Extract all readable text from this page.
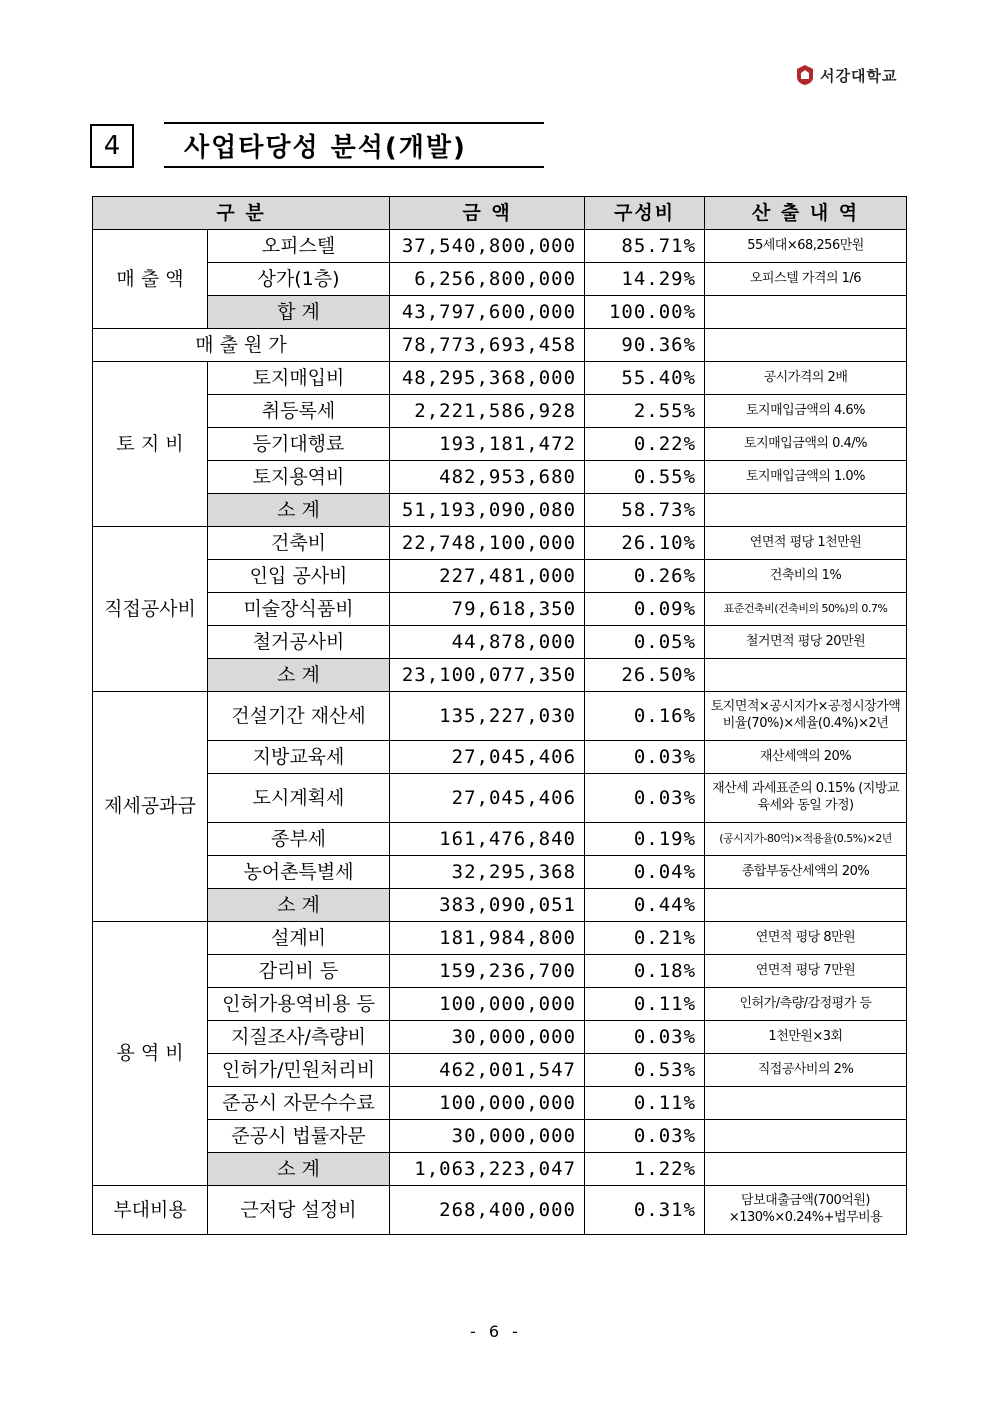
서강대학교
4	사업타당성 분석(개발)
구 분		금 액	구성비	산 출 내 역
매 출 액	오피스텔	37,540,800,000	85.71%	55세대×68,256만원
	상가(1층)	6,256,800,000	14.29%	오피스텔 가격의 1/6
	합 계	43,797,600,000	100.00%	
매 출 원 가		78,773,693,458	90.36%	
토 지 비	토지매입비	48,295,368,000	55.40%	공시가격의 2배
	취등록세	2,221,586,928	2.55%	토지매입금액의 4.6%
	등기대행료	193,181,472	0.22%	토지매입금액의 0.4/%
	토지용역비	482,953,680	0.55%	토지매입금액의 1.0%
	소 계	51,193,090,080	58.73%	
직접공사비	건축비	22,748,100,000	26.10%	연면적 평당 1천만원
	인입 공사비	227,481,000	0.26%	건축비의 1%
	미술장식품비	79,618,350	0.09%	표준건축비(건축비의 50%)의 0.7%
	철거공사비	44,878,000	0.05%	철거면적 평당 20만원
	소 계	23,100,077,350	26.50%	
제세공과금	건설기간 재산세	135,227,030	0.16%	토지면적×공시지가×공정시장가액비율(70%)×세율(0.4%)×2년
	지방교육세	27,045,406	0.03%	재산세액의 20%
	도시계획세	27,045,406	0.03%	재산세 과세표준의 0.15% (지방교육세와 동일 가정)
	종부세	161,476,840	0.19%	(공시지가-80억)×적용율(0.5%)×2년
	농어촌특별세	32,295,368	0.04%	종합부동산세액의 20%
	소 계	383,090,051	0.44%	
용 역 비	설계비	181,984,800	0.21%	연면적 평당 8만원
	감리비 등	159,236,700	0.18%	연면적 평당 7만원
	인허가용역비용 등	100,000,000	0.11%	인허가/측량/감정평가 등
	지질조사/측량비	30,000,000	0.03%	1천만원×3회
	인허가/민원처리비	462,001,547	0.53%	직접공사비의 2%
	준공시 자문수수료	100,000,000	0.11%	
	준공시 법률자문	30,000,000	0.03%	
	소 계	1,063,223,047	1.22%	
부대비용	근저당 설정비	268,400,000	0.31%	담보대출금액(700억원) ×130%×0.24%+법무비용
- 6 -
